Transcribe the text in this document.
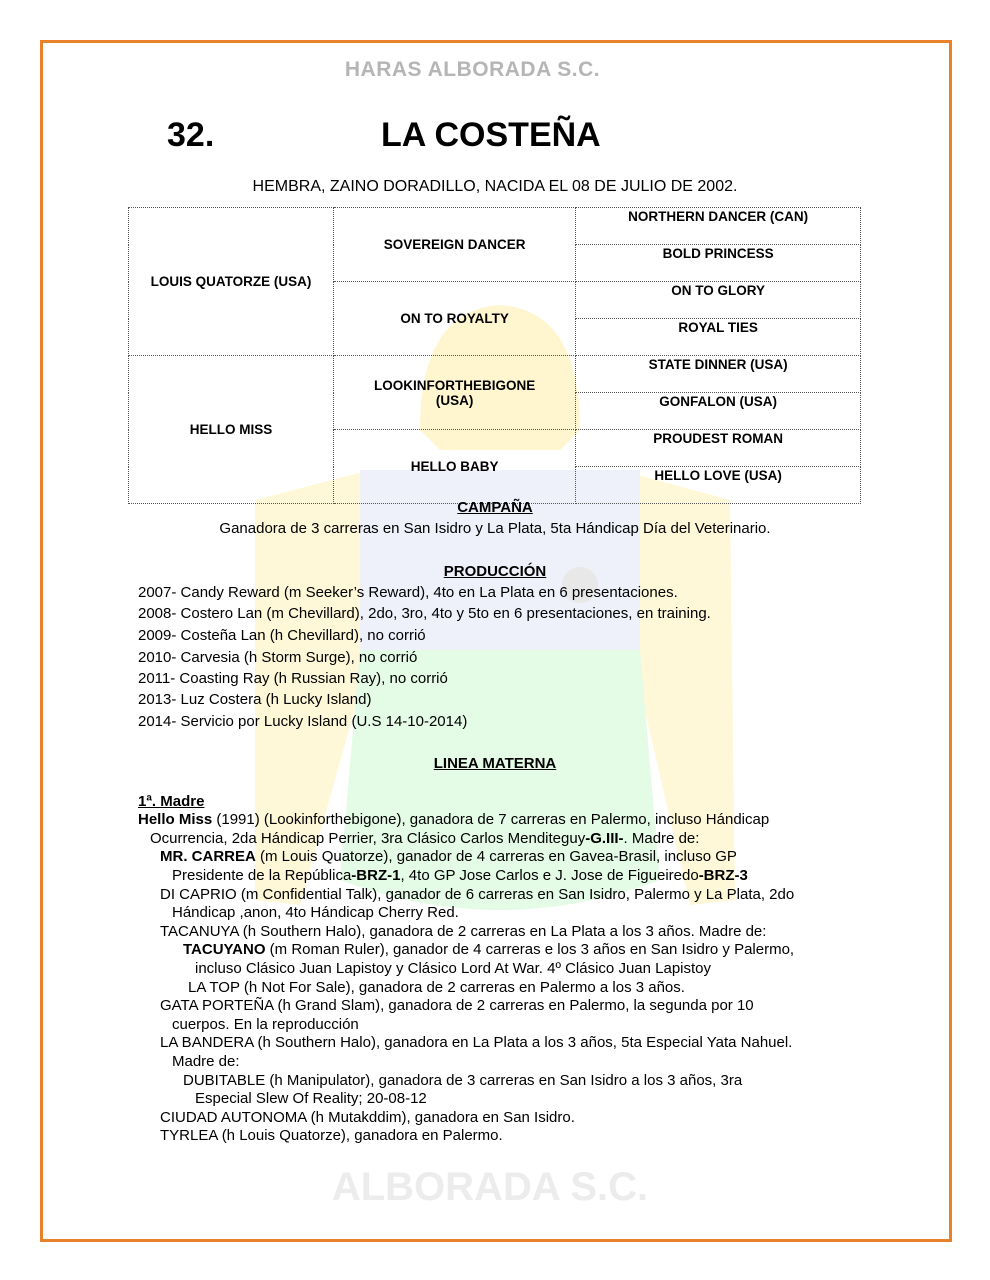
ALBORADA S.C.
HARAS ALBORADA S.C.
32.	LA COSTEÑA
HEMBRA, ZAINO DORADILLO, NACIDA EL 08 DE JULIO DE 2002.
LOUIS QUATORZE (USA)	SOVEREIGN DANCER	NORTHERN DANCER (CAN)
		BOLD PRINCESS
	ON TO ROYALTY	ON TO GLORY
		ROYAL TIES
HELLO MISS	LOOKINFORTHEBIGONE (USA)	STATE DINNER (USA)
		GONFALON (USA)
	HELLO BABY	PROUDEST ROMAN
		HELLO LOVE (USA)
CAMPAÑA
Ganadora de 3 carreras en San Isidro y La Plata, 5ta Hándicap Día del Veterinario.
PRODUCCIÓN
2007- Candy Reward (m Seeker’s Reward), 4to en La Plata en 6 presentaciones.
2008- Costero Lan (m Chevillard), 2do, 3ro, 4to y 5to en 6 presentaciones, en training.
2009- Costeña Lan (h Chevillard), no corrió
2010- Carvesia (h Storm Surge), no corrió
2011- Coasting Ray (h Russian Ray), no corrió
2013- Luz Costera (h Lucky Island)
2014- Servicio por Lucky Island (U.S 14-10-2014)
LINEA MATERNA
1ª. Madre
Hello Miss (1991) (Lookinforthebigone), ganadora de 7 carreras en Palermo, incluso Hándicap
Ocurrencia, 2da Hándicap Perrier, 3ra Clásico Carlos Menditeguy-G.III-. Madre de:
MR. CARREA (m Louis Quatorze), ganador de 4 carreras en Gavea-Brasil, incluso GP
Presidente de la República-BRZ-1, 4to GP Jose Carlos e J. Jose de Figueiredo-BRZ-3
DI CAPRIO (m Confidential Talk), ganador de 6 carreras en San Isidro, Palermo y La Plata, 2do
Hándicap ,anon, 4to Hándicap Cherry Red.
TACANUYA (h Southern Halo), ganadora de 2 carreras en La Plata a los 3 años. Madre de:
TACUYANO (m Roman Ruler), ganador de 4 carreras e los 3 años en San Isidro y Palermo,
incluso Clásico Juan Lapistoy y Clásico Lord At War. 4º Clásico Juan Lapistoy
LA TOP (h Not For Sale), ganadora de 2 carreras en Palermo a los 3 años.
GATA PORTEÑA (h Grand Slam), ganadora de 2 carreras en Palermo, la segunda por 10
cuerpos. En la reproducción
LA BANDERA (h Southern Halo), ganadora en La Plata a los 3 años, 5ta Especial Yata Nahuel.
Madre de:
DUBITABLE (h Manipulator), ganadora de 3 carreras en San Isidro a los 3 años, 3ra
Especial Slew Of Reality; 20-08-12
CIUDAD AUTONOMA (h Mutakddim), ganadora en San Isidro.
TYRLEA (h Louis Quatorze), ganadora en Palermo.
